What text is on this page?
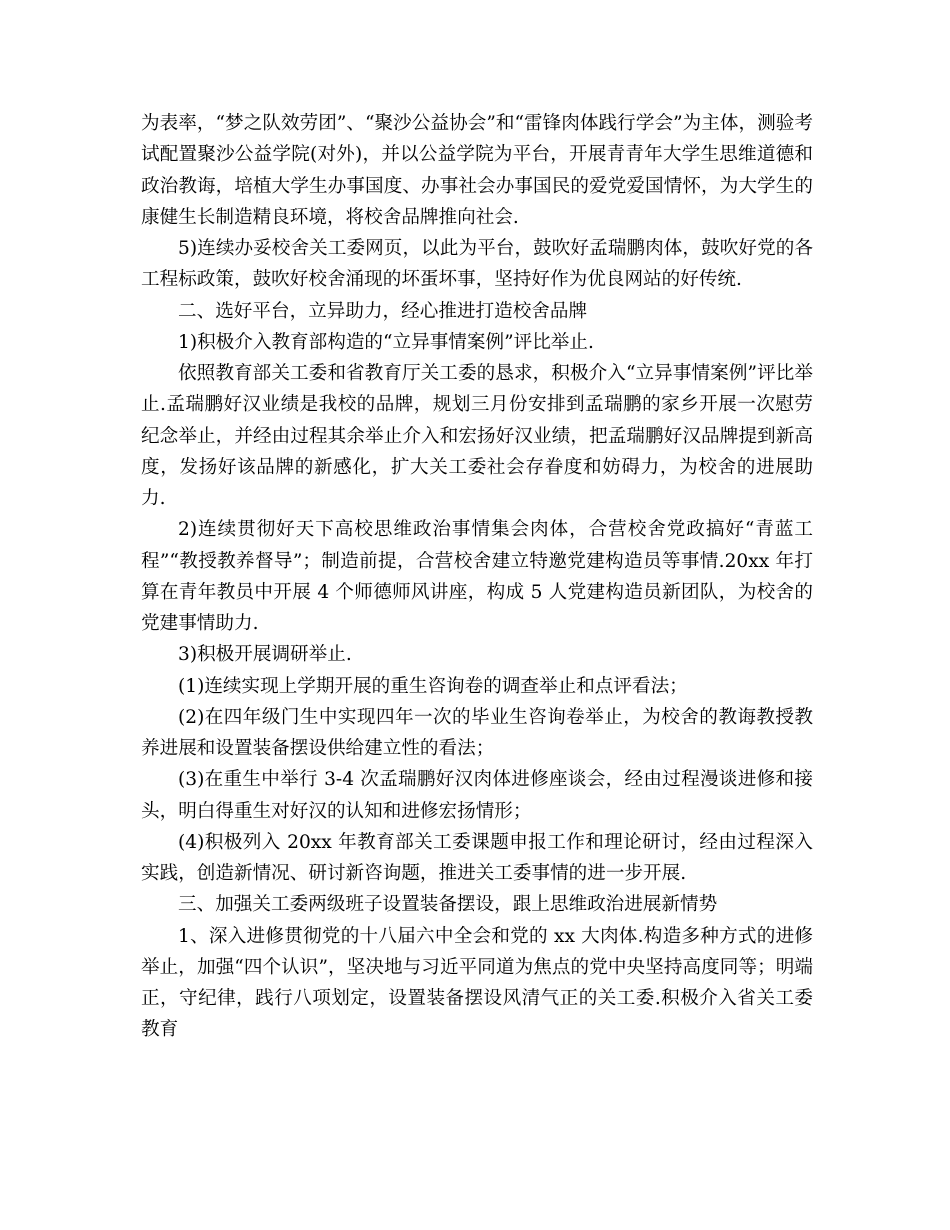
为表率，“梦之队效劳团”、“聚沙公益协会”和“雷锋肉体践行学会”为主体，测验考试配置聚沙公益学院(对外)，并以公益学院为平台，开展青青年大学生思维道德和政治教诲，培植大学生办事国度、办事社会办事国民的爱党爱国情怀，为大学生的康健生长制造精良环境，将校舍品牌推向社会.

5)连续办妥校舍关工委网页，以此为平台，鼓吹好孟瑞鹏肉体，鼓吹好党的各工程标政策，鼓吹好校舍涌现的坏蛋坏事，坚持好作为优良网站的好传统.

二、选好平台，立异助力，经心推进打造校舍品牌

1)积极介入教育部构造的“立异事情案例”评比举止.

依照教育部关工委和省教育厅关工委的恳求，积极介入“立异事情案例”评比举止.孟瑞鹏好汉业绩是我校的品牌，规划三月份安排到孟瑞鹏的家乡开展一次慰劳纪念举止，并经由过程其余举止介入和宏扬好汉业绩，把孟瑞鹏好汉品牌提到新高度，发扬好该品牌的新感化，扩大关工委社会存眷度和妨碍力，为校舍的进展助力.

2)连续贯彻好天下高校思维政治事情集会肉体，合营校舍党政搞好“青蓝工程”“教授教养督导”；制造前提，合营校舍建立特邀党建构造员等事情.20xx 年打算在青年教员中开展 4 个师德师风讲座，构成 5 人党建构造员新团队，为校舍的党建事情助力.

3)积极开展调研举止.

(1)连续实现上学期开展的重生咨询卷的调查举止和点评看法；

(2)在四年级门生中实现四年一次的毕业生咨询卷举止，为校舍的教诲教授教养进展和设置装备摆设供给建立性的看法；

(3)在重生中举行 3-4 次孟瑞鹏好汉肉体进修座谈会，经由过程漫谈进修和接头，明白得重生对好汉的认知和进修宏扬情形；

(4)积极列入 20xx 年教育部关工委课题申报工作和理论研讨，经由过程深入实践，创造新情况、研讨新咨询题，推进关工委事情的进一步开展.

三、加强关工委两级班子设置装备摆设，跟上思维政治进展新情势

1、深入进修贯彻党的十八届六中全会和党的 xx 大肉体.构造多种方式的进修举止，加强“四个认识”，坚决地与习近平同道为焦点的党中央坚持高度同等；明端正，守纪律，践行八项划定，设置装备摆设风清气正的关工委.积极介入省关工委教育
